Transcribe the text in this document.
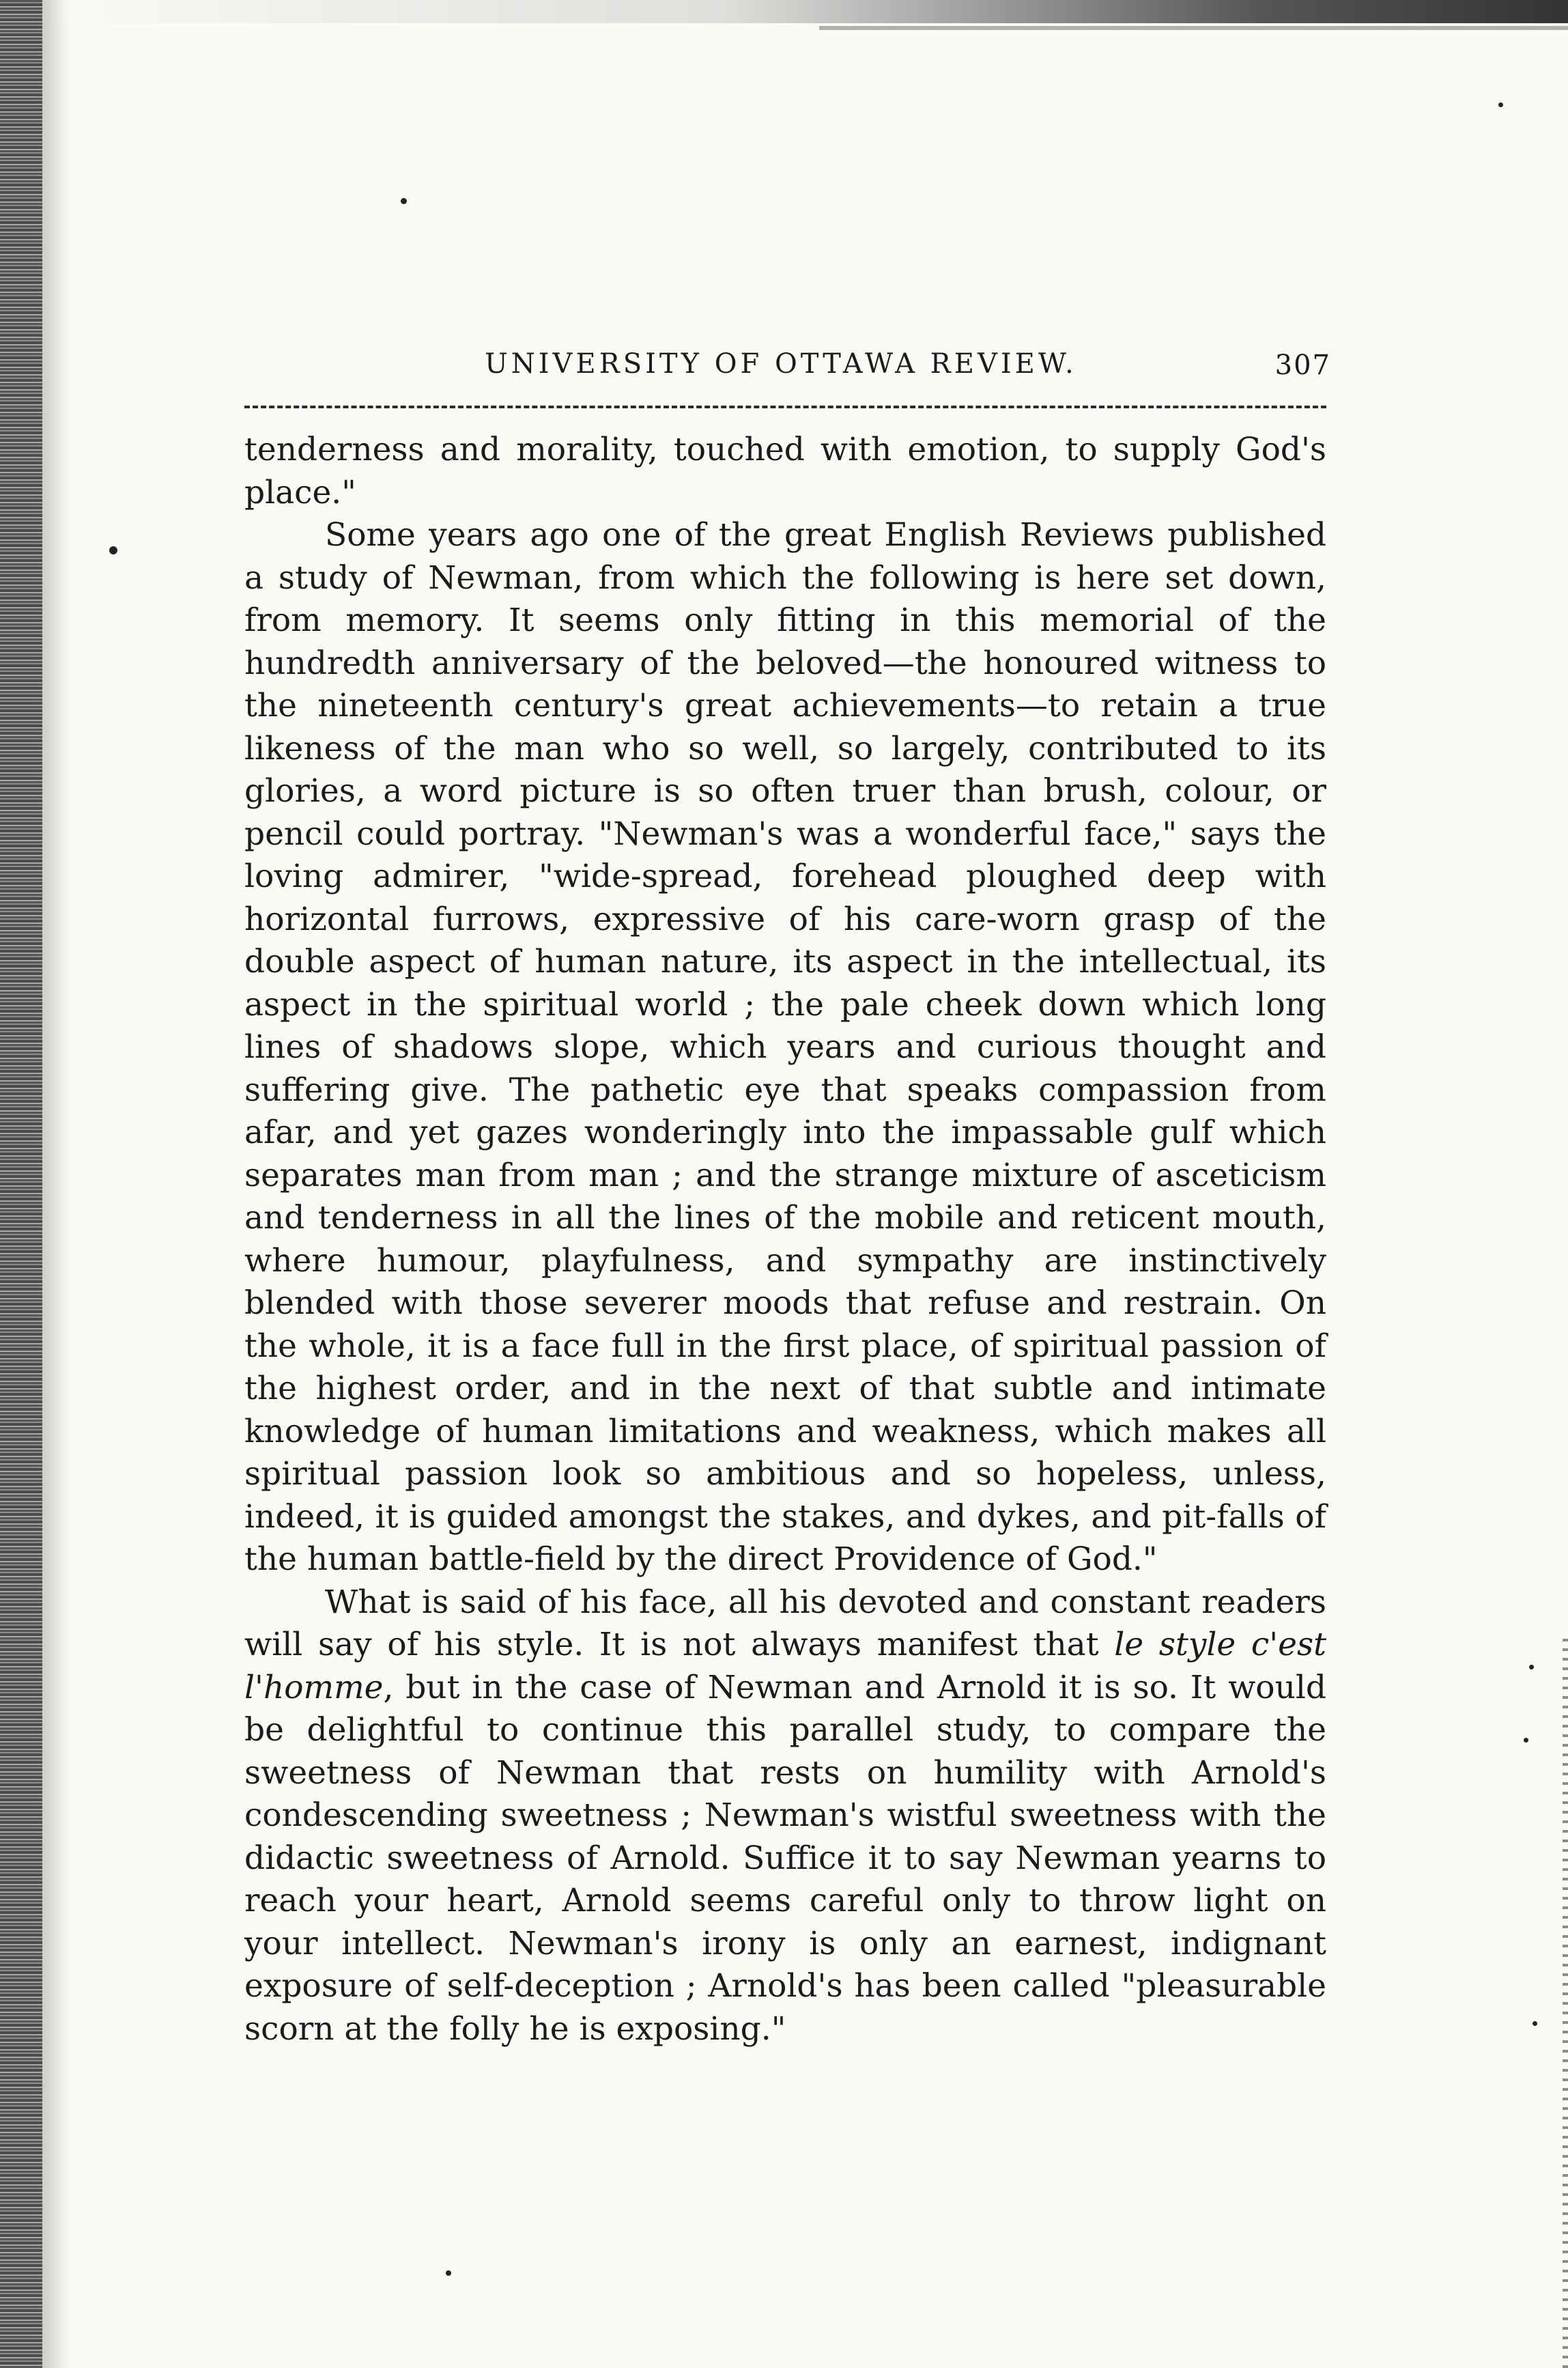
UNIVERSITY OF OTTAWA REVIEW.	307

tenderness and morality, touched with emotion, to supply God's place."

Some years ago one of the great English Reviews published a study of Newman, from which the following is here set down, from memory. It seems only fitting in this memorial of the hundredth anniversary of the beloved—the honoured witness to the nineteenth century's great achievements—to retain a true likeness of the man who so well, so largely, contributed to its glories, a word picture is so often truer than brush, colour, or pencil could portray. "Newman's was a wonderful face," says the loving admirer, "wide-spread, forehead ploughed deep with horizontal furrows, expressive of his care-worn grasp of the double aspect of human nature, its aspect in the intellectual, its aspect in the spiritual world ; the pale cheek down which long lines of shadows slope, which years and curious thought and suffering give. The pathetic eye that speaks compassion from afar, and yet gazes wonderingly into the impassable gulf which separates man from man ; and the strange mixture of asceticism and tenderness in all the lines of the mobile and reticent mouth, where humour, playfulness, and sympathy are instinctively blended with those severer moods that refuse and restrain. On the whole, it is a face full in the first place, of spiritual passion of the highest order, and in the next of that subtle and intimate knowledge of human limitations and weakness, which makes all spiritual passion look so ambitious and so hopeless, unless, indeed, it is guided amongst the stakes, and dykes, and pit-falls of the human battle-field by the direct Providence of God."

What is said of his face, all his devoted and constant readers will say of his style. It is not always manifest that le style c'est l'homme, but in the case of Newman and Arnold it is so. It would be delightful to continue this parallel study, to compare the sweetness of Newman that rests on humility with Arnold's condescending sweetness ; Newman's wistful sweetness with the didactic sweetness of Arnold. Suffice it to say Newman yearns to reach your heart, Arnold seems careful only to throw light on your intellect. Newman's irony is only an earnest, indignant exposure of self-deception ; Arnold's has been called "pleasurable scorn at the folly he is exposing."
